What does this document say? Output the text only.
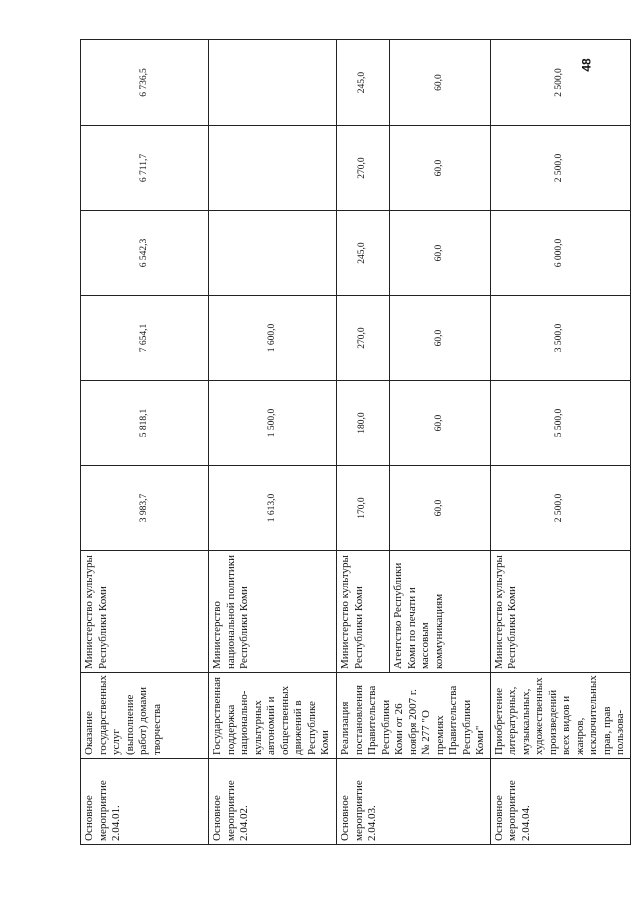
Основное мероприятие 2.04.01.	Оказание государственных услуг (выполнение работ) домами творчества	Министерство культуры Республики Коми	3 983,7	5 818,1	7 654,1	6 542,3	6 711,7	6 736,5
Основное мероприятие 2.04.02.	Государственная поддержка национально-культурных автономий и общественных движений в Республике Коми	Министерство национальной политики Республики Коми	1 613,0	1 500,0	1 600,0			
Основное мероприятие 2.04.03.	Реализация постановления Правительства Республики Коми от 26 ноября 2007 г. № 277 "О премиях Правительства Республики Коми"	Министерство культуры Республики Коми	170,0	180,0	270,0	245,0	270,0	245,0
		Агентство Республики Коми по печати и массовым коммуникациям	60,0	60,0	60,0	60,0	60,0	60,0
Основное мероприятие 2.04.04.	Приобретение литературных, музыкальных, художественных произведений всех видов и жанров, исключительных прав, прав пользова-	Министерство культуры Республики Коми	2 500,0	5 500,0	3 500,0	6 000,0	2 500,0	2 500,0
48
